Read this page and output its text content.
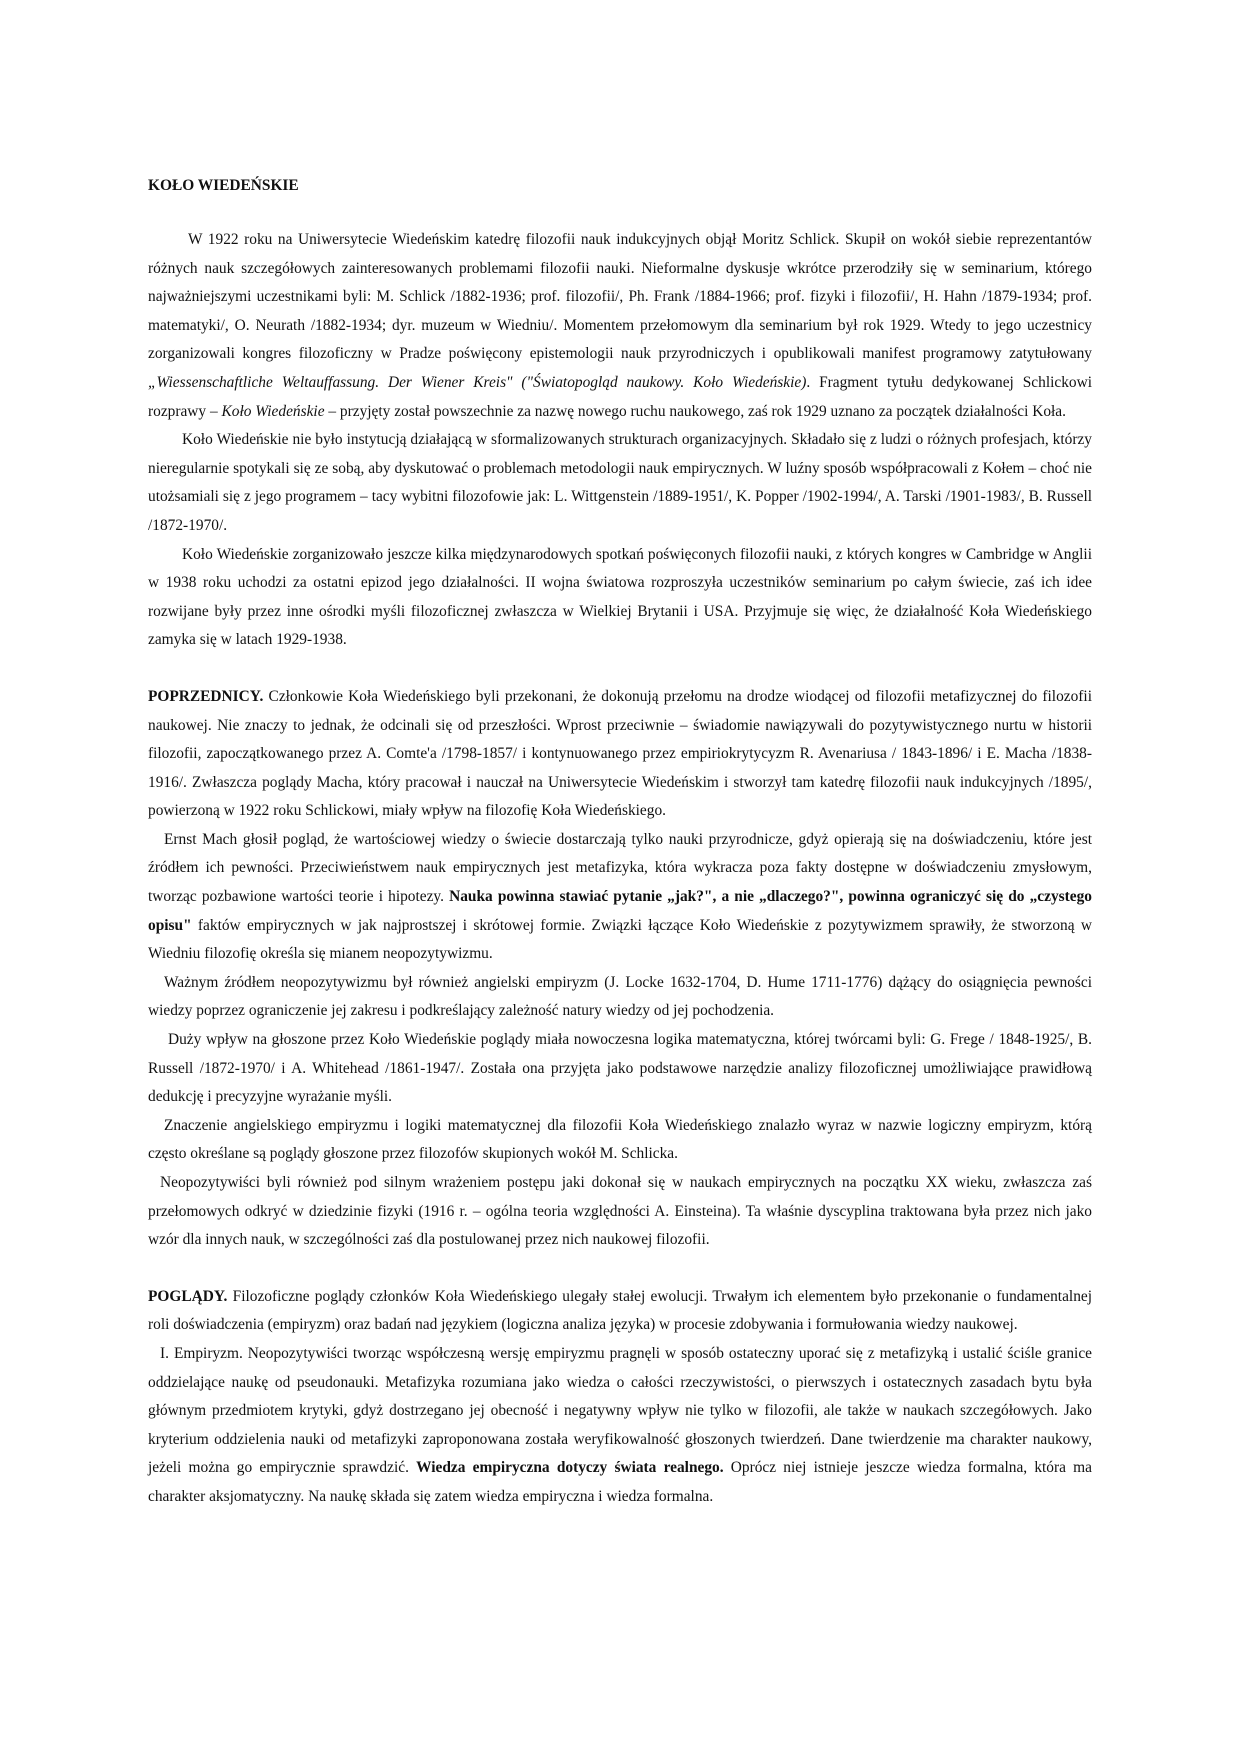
KOŁO WIEDEŃSKIE

W 1922 roku na Uniwersytecie Wiedeńskim katedrę filozofii nauk indukcyjnych objął Moritz Schlick. Skupił on wokół siebie reprezentantów różnych nauk szczegółowych zainteresowanych problemami filozofii nauki. Nieformalne dyskusje wkrótce przerodziły się w seminarium, którego najważniejszymi uczestnikami byli: M. Schlick /1882-1936; prof. filozofii/, Ph. Frank /1884-1966; prof. fizyki i filozofii/, H. Hahn /1879-1934; prof. matematyki/, O. Neurath /1882-1934; dyr. muzeum w Wiedniu/. Momentem przełomowym dla seminarium był rok 1929. Wtedy to jego uczestnicy zorganizowali kongres filozoficzny w Pradze poświęcony epistemologii nauk przyrodniczych i opublikowali manifest programowy zatytułowany „Wiessenschaftliche Weltauffassung. Der Wiener Kreis" ("Światopogląd naukowy. Koło Wiedeńskie). Fragment tytułu dedykowanej Schlickowi rozprawy – Koło Wiedeńskie – przyjęty został powszechnie za nazwę nowego ruchu naukowego, zaś rok 1929 uznano za początek działalności Koła.

Koło Wiedeńskie nie było instytucją działającą w sformalizowanych strukturach organizacyjnych. Składało się z ludzi o różnych profesjach, którzy nieregularnie spotykali się ze sobą, aby dyskutować o problemach metodologii nauk empirycznych. W luźny sposób współpracowali z Kołem – choć nie utożsamiali się z jego programem – tacy wybitni filozofowie jak: L. Wittgenstein /1889-1951/, K. Popper /1902-1994/, A. Tarski /1901-1983/, B. Russell /1872-1970/.

Koło Wiedeńskie zorganizowało jeszcze kilka międzynarodowych spotkań poświęconych filozofii nauki, z których kongres w Cambridge w Anglii w 1938 roku uchodzi za ostatni epizod jego działalności. II wojna światowa rozproszyła uczestników seminarium po całym świecie, zaś ich idee rozwijane były przez inne ośrodki myśli filozoficznej zwłaszcza w Wielkiej Brytanii i USA. Przyjmuje się więc, że działalność Koła Wiedeńskiego zamyka się w latach 1929-1938.

POPRZEDNICY. Członkowie Koła Wiedeńskiego byli przekonani, że dokonują przełomu na drodze wiodącej od filozofii metafizycznej do filozofii naukowej. Nie znaczy to jednak, że odcinali się od przeszłości. Wprost przeciwnie – świadomie nawiązywali do pozytywistycznego nurtu w historii filozofii, zapoczątkowanego przez A. Comte'a /1798-1857/ i kontynuowanego przez empiriokrytycyzm R. Avenariusa / 1843-1896/ i E. Macha /1838-1916/. Zwłaszcza poglądy Macha, który pracował i nauczał na Uniwersytecie Wiedeńskim i stworzył tam katedrę filozofii nauk indukcyjnych /1895/, powierzoną w 1922 roku Schlickowi, miały wpływ na filozofię Koła Wiedeńskiego.

Ernst Mach głosił pogląd, że wartościowej wiedzy o świecie dostarczają tylko nauki przyrodnicze, gdyż opierają się na doświadczeniu, które jest źródłem ich pewności. Przeciwieństwem nauk empirycznych jest metafizyka, która wykracza poza fakty dostępne w doświadczeniu zmysłowym, tworząc pozbawione wartości teorie i hipotezy. Nauka powinna stawiać pytanie „jak?", a nie „dlaczego?", powinna ograniczyć się do „czystego opisu" faktów empirycznych w jak najprostszej i skrótowej formie. Związki łączące Koło Wiedeńskie z pozytywizmem sprawiły, że stworzoną w Wiedniu filozofię określa się mianem neopozytywizmu.

Ważnym źródłem neopozytywizmu był również angielski empiryzm (J. Locke 1632-1704, D. Hume 1711-1776) dążący do osiągnięcia pewności wiedzy poprzez ograniczenie jej zakresu i podkreślający zależność natury wiedzy od jej pochodzenia.

Duży wpływ na głoszone przez Koło Wiedeńskie poglądy miała nowoczesna logika matematyczna, której twórcami byli: G. Frege / 1848-1925/, B. Russell /1872-1970/ i A. Whitehead /1861-1947/. Została ona przyjęta jako podstawowe narzędzie analizy filozoficznej umożliwiające prawidłową dedukcję i precyzyjne wyrażanie myśli.

Znaczenie angielskiego empiryzmu i logiki matematycznej dla filozofii Koła Wiedeńskiego znalazło wyraz w nazwie logiczny empiryzm, którą często określane są poglądy głoszone przez filozofów skupionych wokół M. Schlicka.

Neopozytywiści byli również pod silnym wrażeniem postępu jaki dokonał się w naukach empirycznych na początku XX wieku, zwłaszcza zaś przełomowych odkryć w dziedzinie fizyki (1916 r. – ogólna teoria względności A. Einsteina). Ta właśnie dyscyplina traktowana była przez nich jako wzór dla innych nauk, w szczególności zaś dla postulowanej przez nich naukowej filozofii.

POGLĄDY. Filozoficzne poglądy członków Koła Wiedeńskiego ulegały stałej ewolucji. Trwałym ich elementem było przekonanie o fundamentalnej roli doświadczenia (empiryzm) oraz badań nad językiem (logiczna analiza języka) w procesie zdobywania i formułowania wiedzy naukowej.

I. Empiryzm. Neopozytywiści tworząc współczesną wersję empiryzmu pragnęli w sposób ostateczny uporać się z metafizyką i ustalić ściśle granice oddzielające naukę od pseudonauki. Metafizyka rozumiana jako wiedza o całości rzeczywistości, o pierwszych i ostatecznych zasadach bytu była głównym przedmiotem krytyki, gdyż dostrzegano jej obecność i negatywny wpływ nie tylko w filozofii, ale także w naukach szczegółowych. Jako kryterium oddzielenia nauki od metafizyki zaproponowana została weryfikowalność głoszonych twierdzeń. Dane twierdzenie ma charakter naukowy, jeżeli można go empirycznie sprawdzić. Wiedza empiryczna dotyczy świata realnego. Oprócz niej istnieje jeszcze wiedza formalna, która ma charakter aksjomatyczny. Na naukę składa się zatem wiedza empiryczna i wiedza formalna.
